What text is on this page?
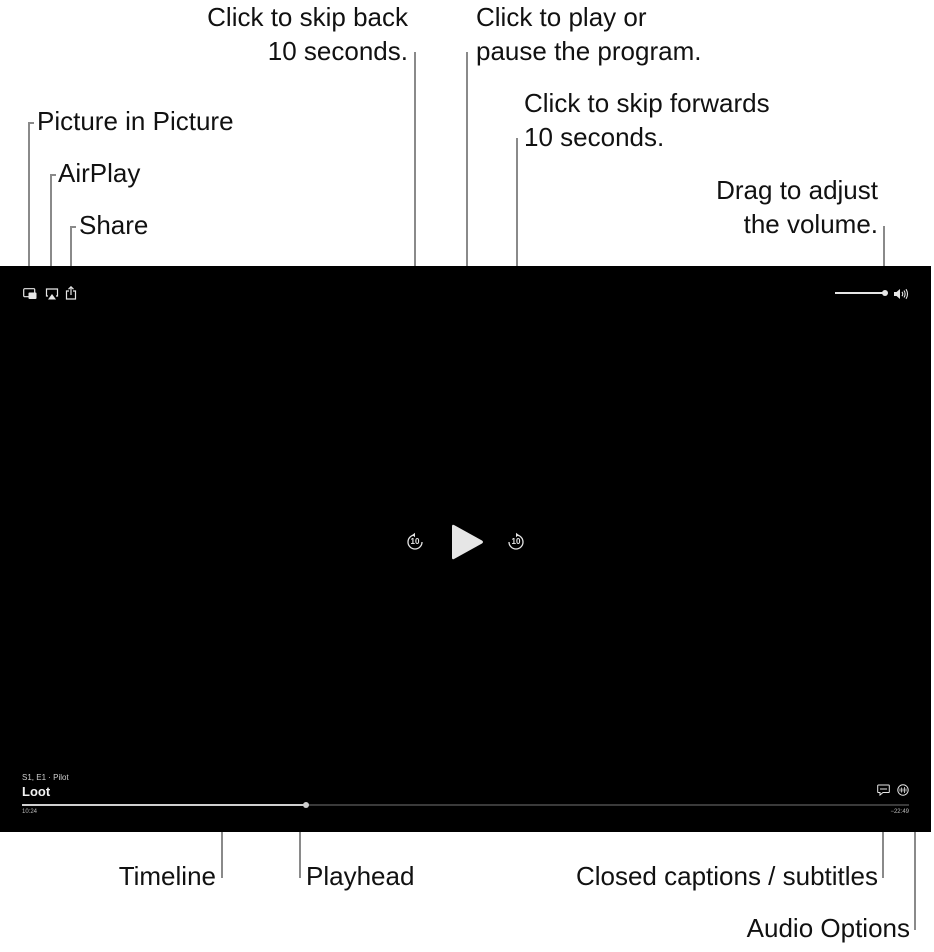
Click to skip back
10 seconds.
Click to play or
pause the program.
Click to skip forwards
10 seconds.
Picture in Picture
AirPlay
Share
Drag to adjust
the volume.
Timeline	Playhead	Closed captions / subtitles
Audio Options
10	10
S1, E1 · Pilot
Loot
10:24	−22:49
